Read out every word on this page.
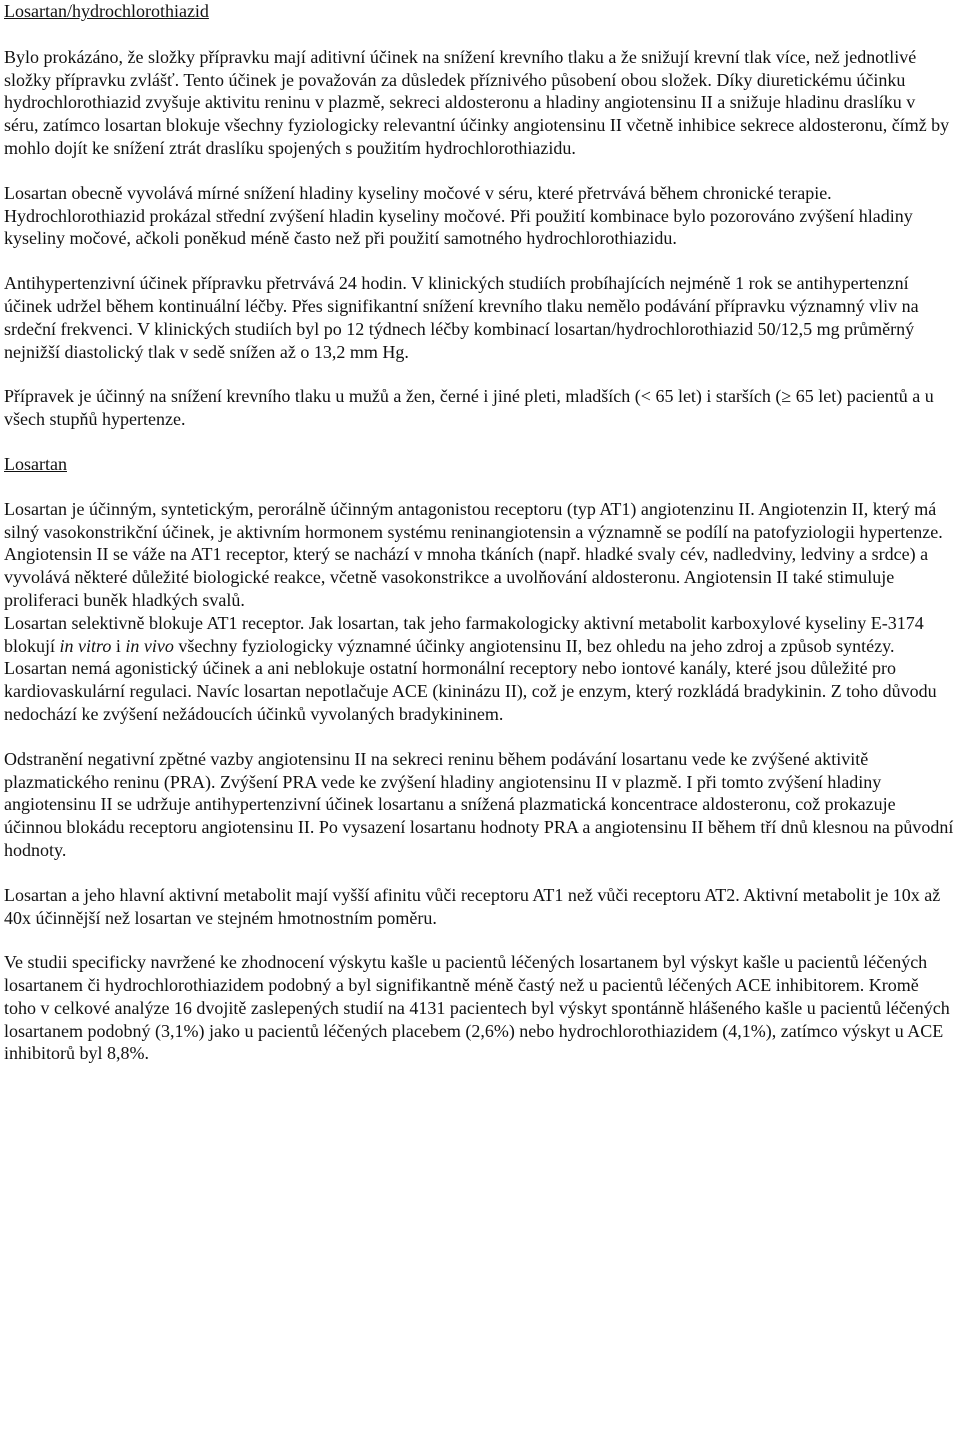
Losartan/hydrochlorothiazid

Bylo prokázáno, že složky přípravku mají aditivní účinek na snížení krevního tlaku a že snižují krevní tlak více, než jednotlivé složky přípravku zvlášť. Tento účinek je považován za důsledek příznivého působení obou složek. Díky diuretickému účinku hydrochlorothiazid zvyšuje aktivitu reninu v plazmě, sekreci aldosteronu a hladiny angiotensinu II a snižuje hladinu draslíku v séru, zatímco losartan blokuje všechny fyziologicky relevantní účinky angiotensinu II včetně inhibice sekrece aldosteronu, čímž by mohlo dojít ke snížení ztrát draslíku spojených s použitím hydrochlorothiazidu.

Losartan obecně vyvolává mírné snížení hladiny kyseliny močové v séru, které přetrvává během chronické terapie. Hydrochlorothiazid prokázal střední zvýšení hladin kyseliny močové. Při použití kombinace bylo pozorováno zvýšení hladiny kyseliny močové, ačkoli poněkud méně často než při použití samotného hydrochlorothiazidu.

Antihypertenzivní účinek přípravku přetrvává 24 hodin. V klinických studiích probíhajících nejméně 1 rok se antihypertenzní účinek udržel během kontinuální léčby. Přes signifikantní snížení krevního tlaku nemělo podávání přípravku významný vliv na srdeční frekvenci. V klinických studiích byl po 12 týdnech léčby kombinací losartan/hydrochlorothiazid 50/12,5 mg průměrný nejnižší diastolický tlak v sedě snížen až o 13,2 mm Hg.

Přípravek je účinný na snížení krevního tlaku u mužů a žen, černé i jiné pleti, mladších (< 65 let) i starších (≥ 65 let) pacientů a u všech stupňů hypertenze.

Losartan

Losartan je účinným, syntetickým, perorálně účinným antagonistou receptoru (typ AT1) angiotenzinu II. Angiotenzin II, který má silný vasokonstrikční účinek, je aktivním hormonem systému reninangiotensin a významně se podílí na patofyziologii hypertenze. Angiotensin II se váže na AT1 receptor, který se nachází v mnoha tkáních (např. hladké svaly cév, nadledviny, ledviny a srdce) a vyvolává některé důležité biologické reakce, včetně vasokonstrikce a uvolňování aldosteronu. Angiotensin II také stimuluje proliferaci buněk hladkých svalů.

Losartan selektivně blokuje AT1 receptor. Jak losartan, tak jeho farmakologicky aktivní metabolit karboxylové kyseliny E-3174 blokují in vitro i in vivo všechny fyziologicky významné účinky angiotensinu II, bez ohledu na jeho zdroj a způsob syntézy.

Losartan nemá agonistický účinek a ani neblokuje ostatní hormonální receptory nebo iontové kanály, které jsou důležité pro kardiovaskulární regulaci. Navíc losartan nepotlačuje ACE (kininázu II), což je enzym, který rozkládá bradykinin. Z toho důvodu nedochází ke zvýšení nežádoucích účinků vyvolaných bradykininem.

Odstranění negativní zpětné vazby angiotensinu II na sekreci reninu během podávání losartanu vede ke zvýšené aktivitě plazmatického reninu (PRA). Zvýšení PRA vede ke zvýšení hladiny angiotensinu II v plazmě. I při tomto zvýšení hladiny angiotensinu II se udržuje antihypertenzivní účinek losartanu a snížená plazmatická koncentrace aldosteronu, což prokazuje účinnou blokádu receptoru angiotensinu II. Po vysazení losartanu hodnoty PRA a angiotensinu II během tří dnů klesnou na původní hodnoty.

Losartan a jeho hlavní aktivní metabolit mají vyšší afinitu vůči receptoru AT1 než vůči receptoru AT2. Aktivní metabolit je 10x až 40x účinnější než losartan ve stejném hmotnostním poměru.

Ve studii specificky navržené ke zhodnocení výskytu kašle u pacientů léčených losartanem byl výskyt kašle u pacientů léčených losartanem či hydrochlorothiazidem podobný a byl signifikantně méně častý než u pacientů léčených ACE inhibitorem. Kromě toho v celkové analýze 16 dvojitě zaslepených studií na 4131 pacientech byl výskyt spontánně hlášeného kašle u pacientů léčených losartanem podobný (3,1%) jako u pacientů léčených placebem (2,6%) nebo hydrochlorothiazidem (4,1%), zatímco výskyt u ACE inhibitorů byl 8,8%.
